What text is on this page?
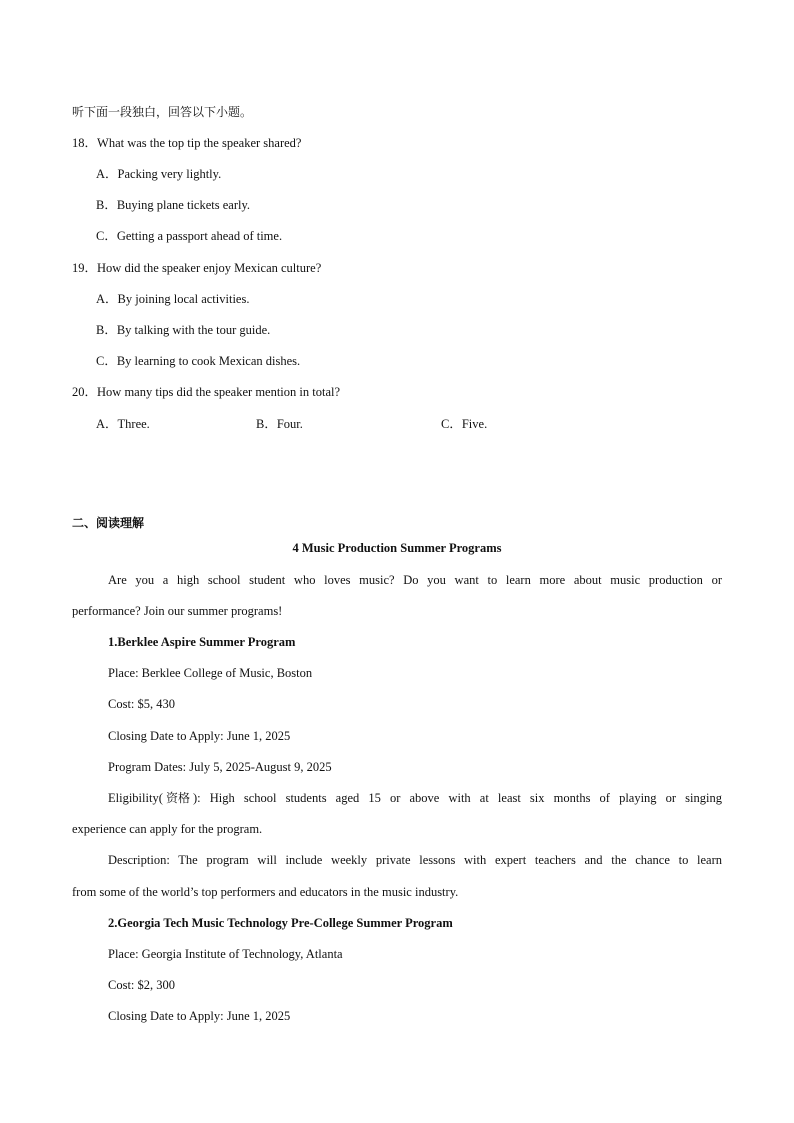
听下面一段独白，回答以下小题。
18．What was the top tip the speaker shared?
A．Packing very lightly.
B．Buying plane tickets early.
C．Getting a passport ahead of time.
19．How did the speaker enjoy Mexican culture?
A．By joining local activities.
B．By talking with the tour guide.
C．By learning to cook Mexican dishes.
20．How many tips did the speaker mention in total?
A．Three.	B．Four.	C．Five.
二、阅读理解
4 Music Production Summer Programs
Are you a high school student who loves music? Do you want to learn more about music production or
performance? Join our summer programs!
1.Berklee Aspire Summer Program
Place: Berklee College of Music, Boston
Cost: $5, 430
Closing Date to Apply: June 1, 2025
Program Dates: July 5, 2025-August 9, 2025
Eligibility( 资格 ): High school students aged 15 or above with at least six months of playing or singing
experience can apply for the program.
Description: The program will include weekly private lessons with expert teachers and the chance to learn
from some of the world’s top performers and educators in the music industry.
2.Georgia Tech Music Technology Pre-College Summer Program
Place: Georgia Institute of Technology, Atlanta
Cost: $2, 300
Closing Date to Apply: June 1, 2025
